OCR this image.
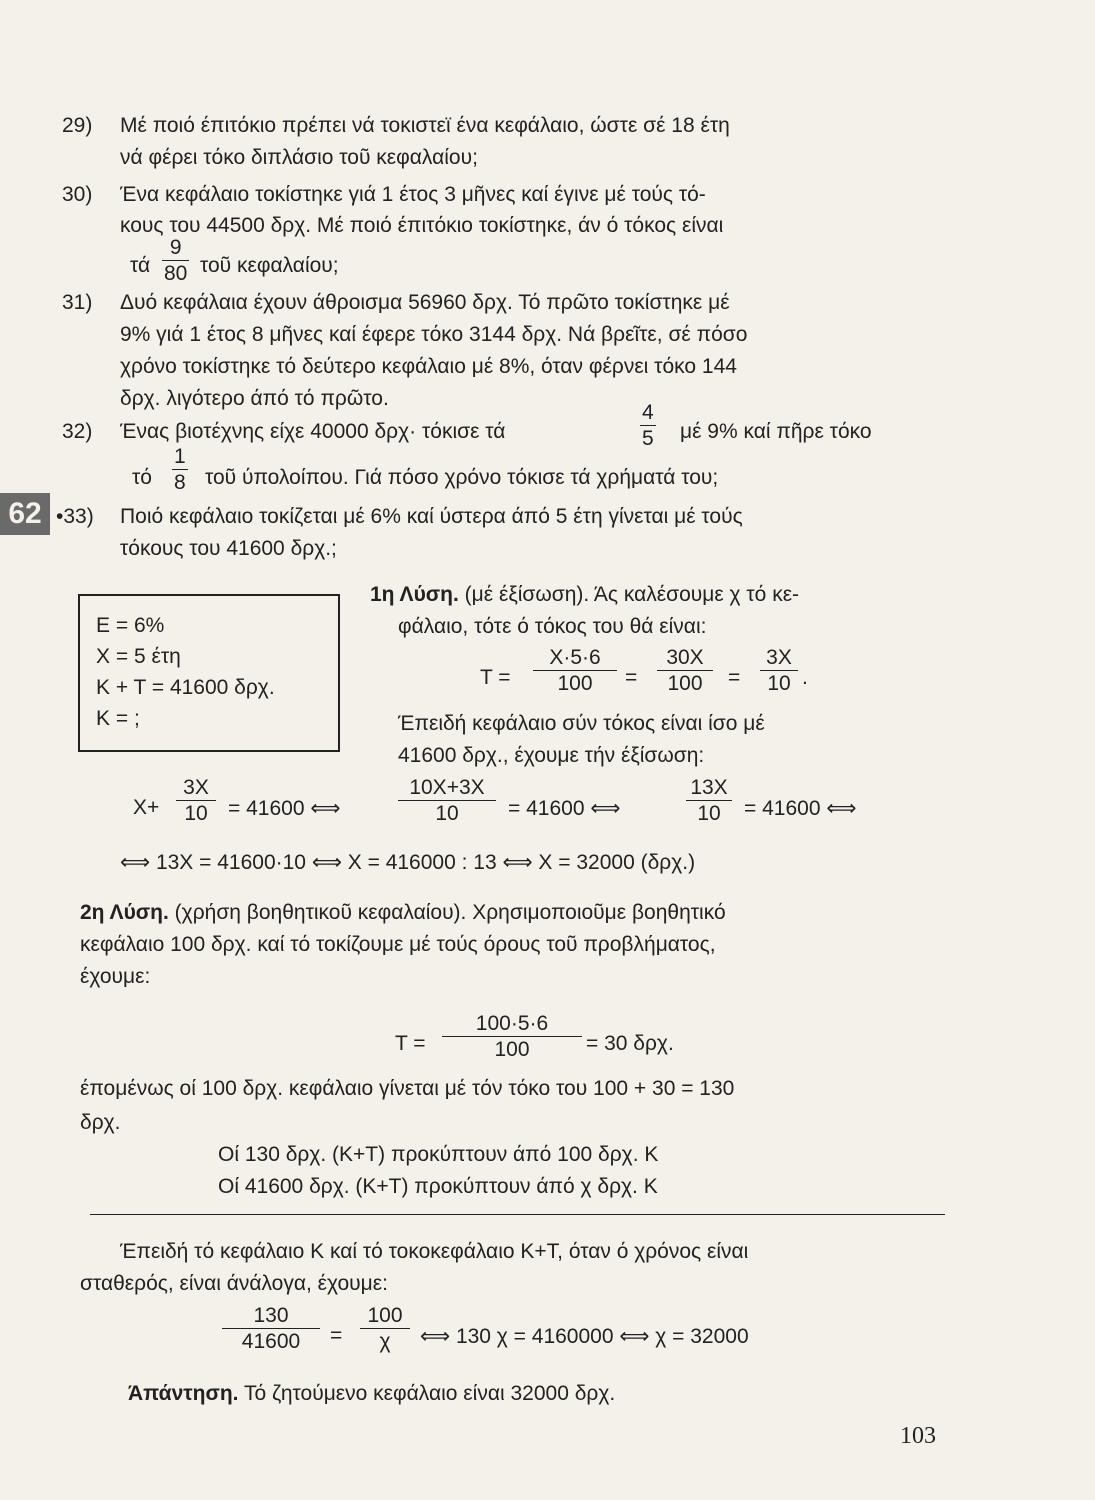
29) Μέ ποιό έπιτόκιο πρέπει νά τοκιστεϊ ένα κεφάλαιο, ώστε σέ 18 έτη
νά φέρει τόκο διπλάσιο τοῦ κεφαλαίου;
30) Ένα κεφάλαιο τοκίστηκε γιά 1 έτος 3 μῆνες καί έγινε μέ τούς τό-
κους του 44500 δρχ. Μέ ποιό έπιτόκιο τοκίστηκε, άν ό τόκος είναι
τά $\frac{9}{80}$ τοῦ κεφαλαίου;
31) Δυό κεφάλαια έχουν άθροισμα 56960 δρχ. Τό πρῶτο τοκίστηκε μέ
9% γιά 1 έτος 8 μῆνες καί έφερε τόκο 3144 δρχ. Νά βρεῖτε, σέ πόσο
χρόνο τοκίστηκε τό δεύτερο κεφάλαιο μέ 8%, όταν φέρνει τόκο 144
δρχ. λιγότερο άπό τό πρῶτο.
32) Ένας βιοτέχνης είχε 40000 δρχ· τόκισε τά	$\frac{4}{5}$ μέ 9% καί πῆρε τόκο
τό $\frac{1}{8}$ τοῦ ύπολοίπου. Γιά πόσο χρόνο τόκισε τά χρήματά του;
62 •33) Ποιό κεφάλαιο τοκίζεται μέ 6% καί ύστερα άπό 5 έτη γίνεται μέ τούς
τόκους του 41600 δρχ.;
Ε = 6%
Χ = 5 έτη
Κ + Τ = 41600 δρχ.
Κ = ;
1η Λύση. (μέ έξίσωση). Άς καλέσουμε χ τό κε-
φάλαιο, τότε ό τόκος του θά είναι:
$T = \frac{X\cdot 5\cdot 6}{100} = \frac{30X}{100} = \frac{3X}{10}$ .
Έπειδή κεφάλαιο σύν τόκος είναι ίσο μέ
41600 δρχ., έχουμε τήν έξίσωση:
$X+ \frac{3X}{10} = 41600$ ⟺	$\frac{10X+3X}{10} = 41600$ ⟺	$\frac{13X}{10} = 41600$ ⟺
⟺ 13Χ = 41600·10 ⟺ Χ = 416000 : 13 ⟺ Χ = 32000 (δρχ.)
2η Λύση. (χρήση βοηθητικοῦ κεφαλαίου). Χρησιμοποιοῦμε βοηθητικό
κεφάλαιο 100 δρχ. καί τό τοκίζουμε μέ τούς όρους τοῦ προβλήματος,
έχουμε:
$T = \frac{100\cdot 5\cdot 6}{100} = 30$ δρχ.
έπομένως οί 100 δρχ. κεφάλαιο γίνεται μέ τόν τόκο του 100 + 30 = 130
δρχ.
Οί 130 δρχ. (Κ+Τ) προκύπτουν άπό 100 δρχ. Κ
Οί 41600 δρχ. (Κ+Τ) προκύπτουν άπό χ δρχ. Κ
Έπειδή τό κεφάλαιο Κ καί τό τοκοκεφάλαιο Κ+Τ, όταν ό χρόνος είναι
σταθερός, είναι άνάλογα, έχουμε:
$\frac{130}{41600} = \frac{100}{\chi}$ ⟺ 130 χ = 4160000 ⟺ χ = 32000
Άπάντηση. Τό ζητούμενο κεφάλαιο είναι 32000 δρχ.
103
